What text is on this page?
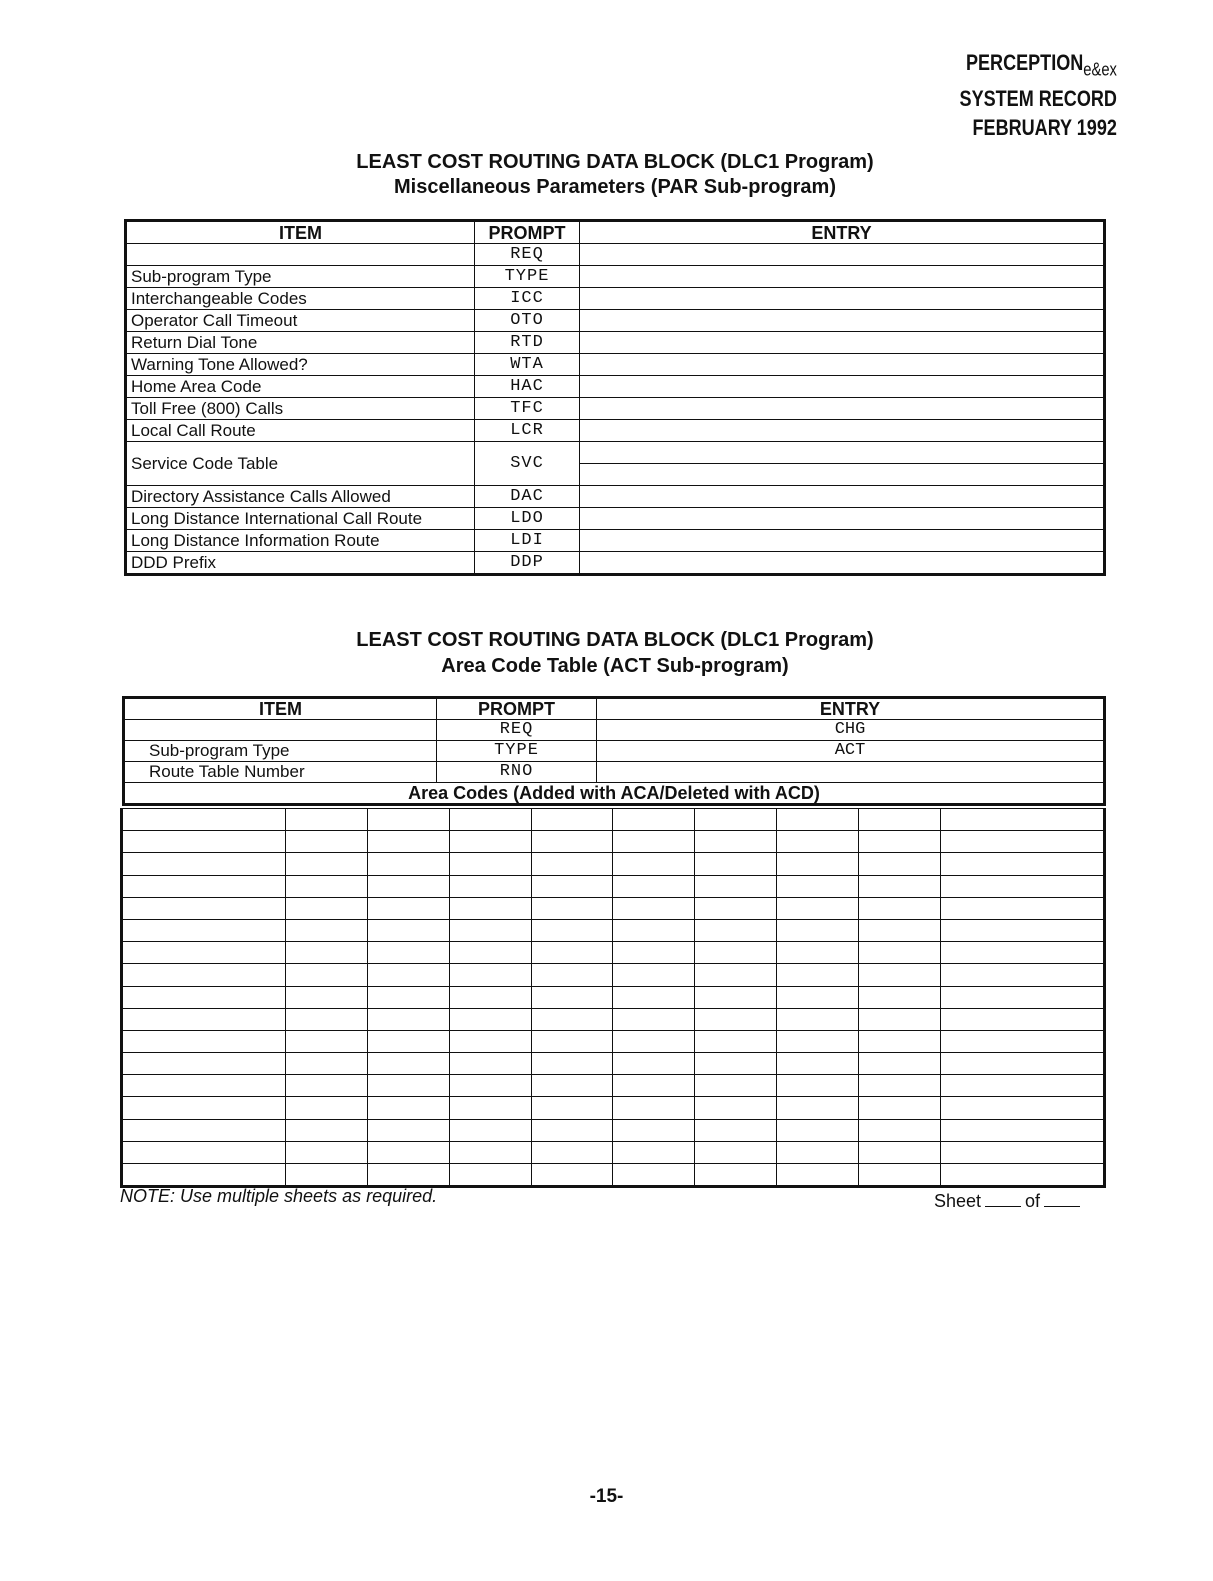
$PERCEPTION_{e\&ex}$
SYSTEM RECORD
FEBRUARY 1992
LEAST COST ROUTING DATA BLOCK (DLC1 Program)
Miscellaneous Parameters (PAR Sub-program)
ITEM	PROMPT	ENTRY
	REQ	
Sub-program Type	TYPE	
Interchangeable Codes	ICC	
Operator Call Timeout	OTO	
Return Dial Tone	RTD	
Warning Tone Allowed?	WTA	
Home Area Code	HAC	
Toll Free (800) Calls	TFC	
Local Call Route	LCR	
Service Code Table	SVC	

Directory Assistance Calls Allowed	DAC	
Long Distance International Call Route	LDO	
Long Distance Information Route	LDI	
DDD Prefix	DDP	
LEAST COST ROUTING DATA BLOCK (DLC1 Program)
Area Code Table (ACT Sub-program)
ITEM	PROMPT	ENTRY
	REQ	CHG
Sub-program Type	TYPE	ACT
Route Table Number	RNO	
Area Codes (Added with ACA/Deleted with ACD)		

NOTE: Use multiple sheets as required.	Sheet of
-15-
